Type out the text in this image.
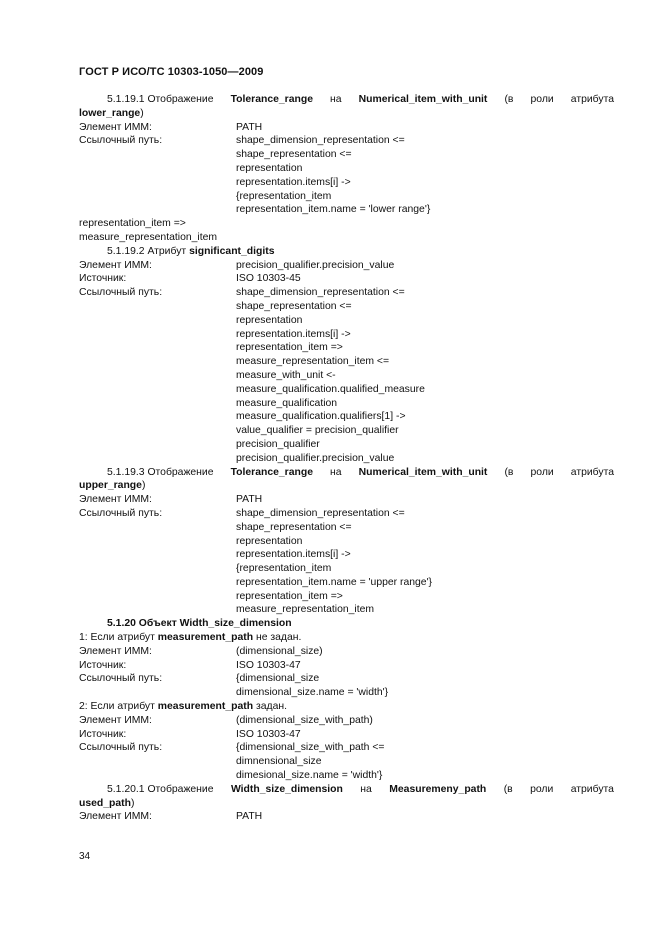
ГОСТ Р ИСО/ТС 10303-1050—2009
5.1.19.1 Отображение Tolerance_range на Numerical_item_with_unit (в роли атрибута
lower_range)
Элемент ИММ:	PATH
Ссылочный путь:	shape_dimension_representation <=
shape_representation <=
representation
representation.items[i] ->
{representation_item
representation_item.name = 'lower range'}
representation_item =>
measure_representation_item
5.1.19.2 Атрибут significant_digits
Элемент ИММ:	precision_qualifier.precision_value
Источник:	ISO 10303-45
Ссылочный путь:	shape_dimension_representation <=
shape_representation <=
representation
representation.items[i] ->
representation_item =>
measure_representation_item <=
measure_with_unit <-
measure_qualification.qualified_measure
measure_qualification
measure_qualification.qualifiers[1] ->
value_qualifier = precision_qualifier
precision_qualifier
precision_qualifier.precision_value
5.1.19.3 Отображение Tolerance_range на Numerical_item_with_unit (в роли атрибута
upper_range)
Элемент ИММ:	PATH
Ссылочный путь:	shape_dimension_representation <=
shape_representation <=
representation
representation.items[i] ->
{representation_item
representation_item.name = 'upper range'}
representation_item =>
measure_representation_item
5.1.20 Объект Width_size_dimension
1: Если атрибут measurement_path не задан.
Элемент ИММ:	(dimensional_size)
Источник:	ISO 10303-47
Ссылочный путь:	{dimensional_size
dimensional_size.name = 'width'}
2: Если атрибут measurement_path задан.
Элемент ИММ:	(dimensional_size_with_path)
Источник:	ISO 10303-47
Ссылочный путь:	{dimensional_size_with_path <=
dimnensional_size
dimesional_size.name = 'width'}
5.1.20.1 Отображение Width_size_dimension на Measuremeny_path (в роли атрибута
used_path)
Элемент ИММ:	PATH
34
